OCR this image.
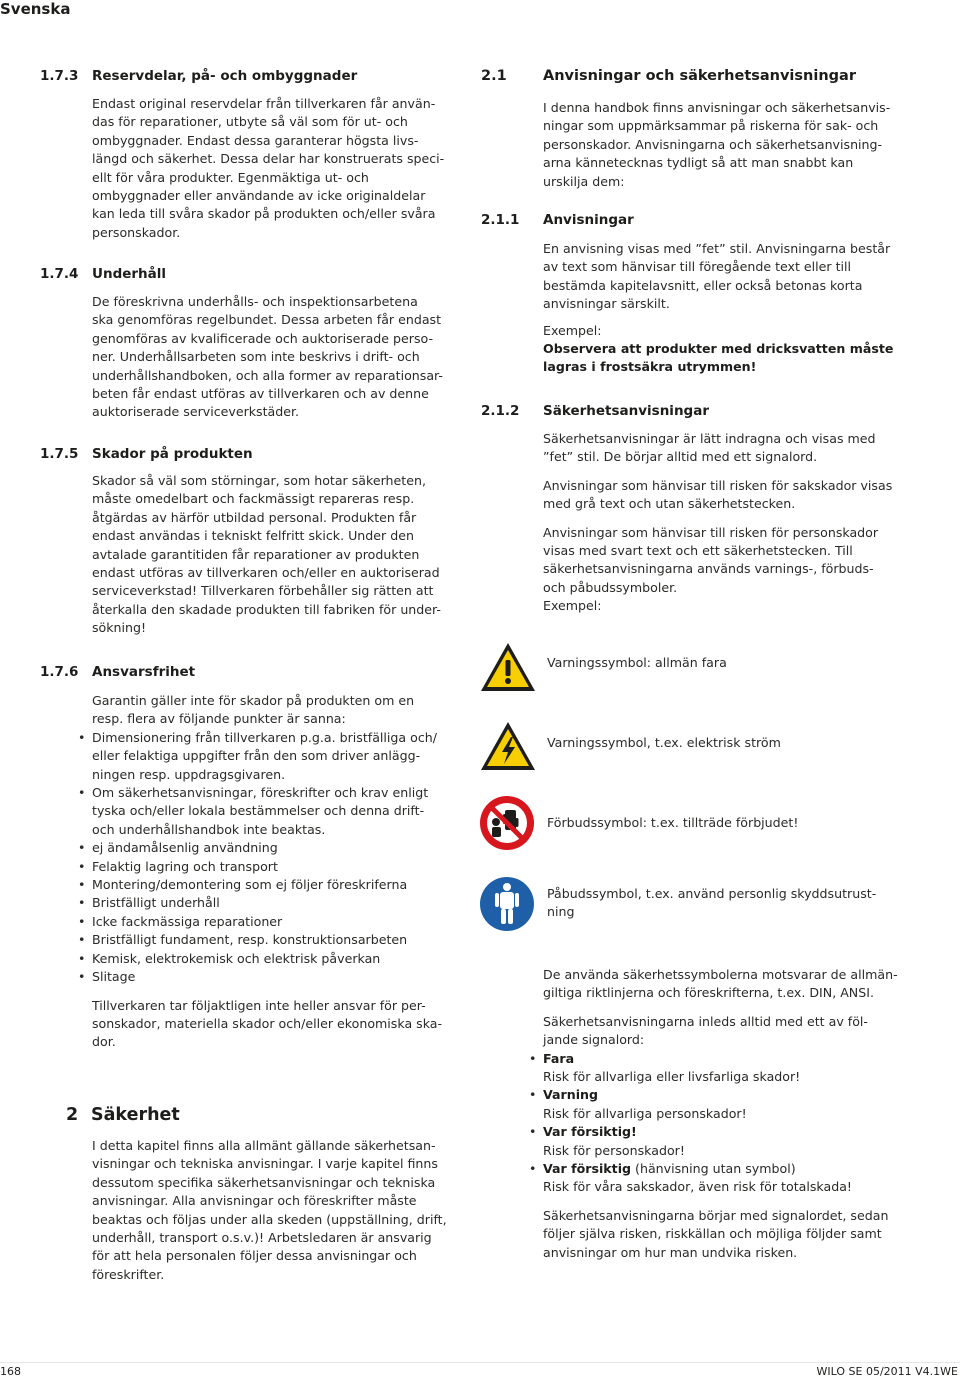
Svenska
1.7.3 Reservdelar, på- och ombyggnader
Endast original reservdelar från tillverkaren får använ-
das för reparationer, utbyte så väl som för ut- och
ombyggnader. Endast dessa garanterar högsta livs-
längd och säkerhet. Dessa delar har konstruerats speci-
ellt för våra produkter. Egenmäktiga ut- och
ombyggnader eller användande av icke originaldelar
kan leda till svåra skador på produkten och/eller svåra
personskador.
1.7.4 Underhåll
De föreskrivna underhålls- och inspektionsarbetena
ska genomföras regelbundet. Dessa arbeten får endast
genomföras av kvalificerade och auktoriserade perso-
ner. Underhållsarbeten som inte beskrivs i drift- och
underhållshandboken, och alla former av reparationsar-
beten får endast utföras av tillverkaren och av denne
auktoriserade serviceverkstäder.
1.7.5 Skador på produkten
Skador så väl som störningar, som hotar säkerheten,
måste omedelbart och fackmässigt repareras resp.
åtgärdas av härför utbildad personal. Produkten får
endast användas i tekniskt felfritt skick. Under den
avtalade garantitiden får reparationer av produkten
endast utföras av tillverkaren och/eller en auktoriserad
serviceverkstad! Tillverkaren förbehåller sig rätten att
återkalla den skadade produkten till fabriken för under-
sökning!
1.7.6 Ansvarsfrihet
Garantin gäller inte för skador på produkten om en
resp. flera av följande punkter är sanna:
• Dimensionering från tillverkaren p.g.a. bristfälliga och/
eller felaktiga uppgifter från den som driver anlägg-
ningen resp. uppdragsgivaren.
• Om säkerhetsanvisningar, föreskrifter och krav enligt
tyska och/eller lokala bestämmelser och denna drift-
och underhållshandbok inte beaktas.
• ej ändamålsenlig användning
• Felaktig lagring och transport
• Montering/demontering som ej följer föreskriferna
• Bristfälligt underhåll
• Icke fackmässiga reparationer
• Bristfälligt fundament, resp. konstruktionsarbeten
• Kemisk, elektrokemisk och elektrisk påverkan
• Slitage
Tillverkaren tar följaktligen inte heller ansvar för per-
sonskador, materiella skador och/eller ekonomiska ska-
dor.
2 Säkerhet
I detta kapitel finns alla allmänt gällande säkerhetsan-
visningar och tekniska anvisningar. I varje kapitel finns
dessutom specifika säkerhetsanvisningar och tekniska
anvisningar. Alla anvisningar och föreskrifter måste
beaktas och följas under alla skeden (uppställning, drift,
underhåll, transport o.s.v.)! Arbetsledaren är ansvarig
för att hela personalen följer dessa anvisningar och
föreskrifter.
2.1	Anvisningar och säkerhetsanvisningar
I denna handbok finns anvisningar och säkerhetsanvis-
ningar som uppmärksammar på riskerna för sak- och
personskador. Anvisningarna och säkerhetsanvisning-
arna kännetecknas tydligt så att man snabbt kan
urskilja dem:
2.1.1 Anvisningar
En anvisning visas med ”fet” stil. Anvisningarna består
av text som hänvisar till föregående text eller till
bestämda kapitelavsnitt, eller också betonas korta
anvisningar särskilt.
Exempel:
Observera att produkter med dricksvatten måste
lagras i frostsäkra utrymmen!
2.1.2 Säkerhetsanvisningar
Säkerhetsanvisningar är lätt indragna och visas med
”fet” stil. De börjar alltid med ett signalord.
Anvisningar som hänvisar till risken för sakskador visas
med grå text och utan säkerhetstecken.
Anvisningar som hänvisar till risken för personskador
visas med svart text och ett säkerhetstecken. Till
säkerhetsanvisningarna används varnings-, förbuds-
och påbudssymboler.
Exempel:
Varningssymbol: allmän fara
Varningssymbol, t.ex. elektrisk ström
Förbudssymbol: t.ex. tillträde förbjudet!
Påbudssymbol, t.ex. använd personlig skyddsutrust-
ning
De använda säkerhetssymbolerna motsvarar de allmän-
giltiga riktlinjerna och föreskrifterna, t.ex. DIN, ANSI.
Säkerhetsanvisningarna inleds alltid med ett av föl-
jande signalord:
• Fara
Risk för allvarliga eller livsfarliga skador!
• Varning
Risk för allvarliga personskador!
• Var försiktig!
Risk för personskador!
• Var försiktig (hänvisning utan symbol)
Risk för våra sakskador, även risk för totalskada!
Säkerhetsanvisningarna börjar med signalordet, sedan
följer själva risken, riskkällan och möjliga följder samt
anvisningar om hur man undvika risken.
168	WILO SE 05/2011 V4.1WE
